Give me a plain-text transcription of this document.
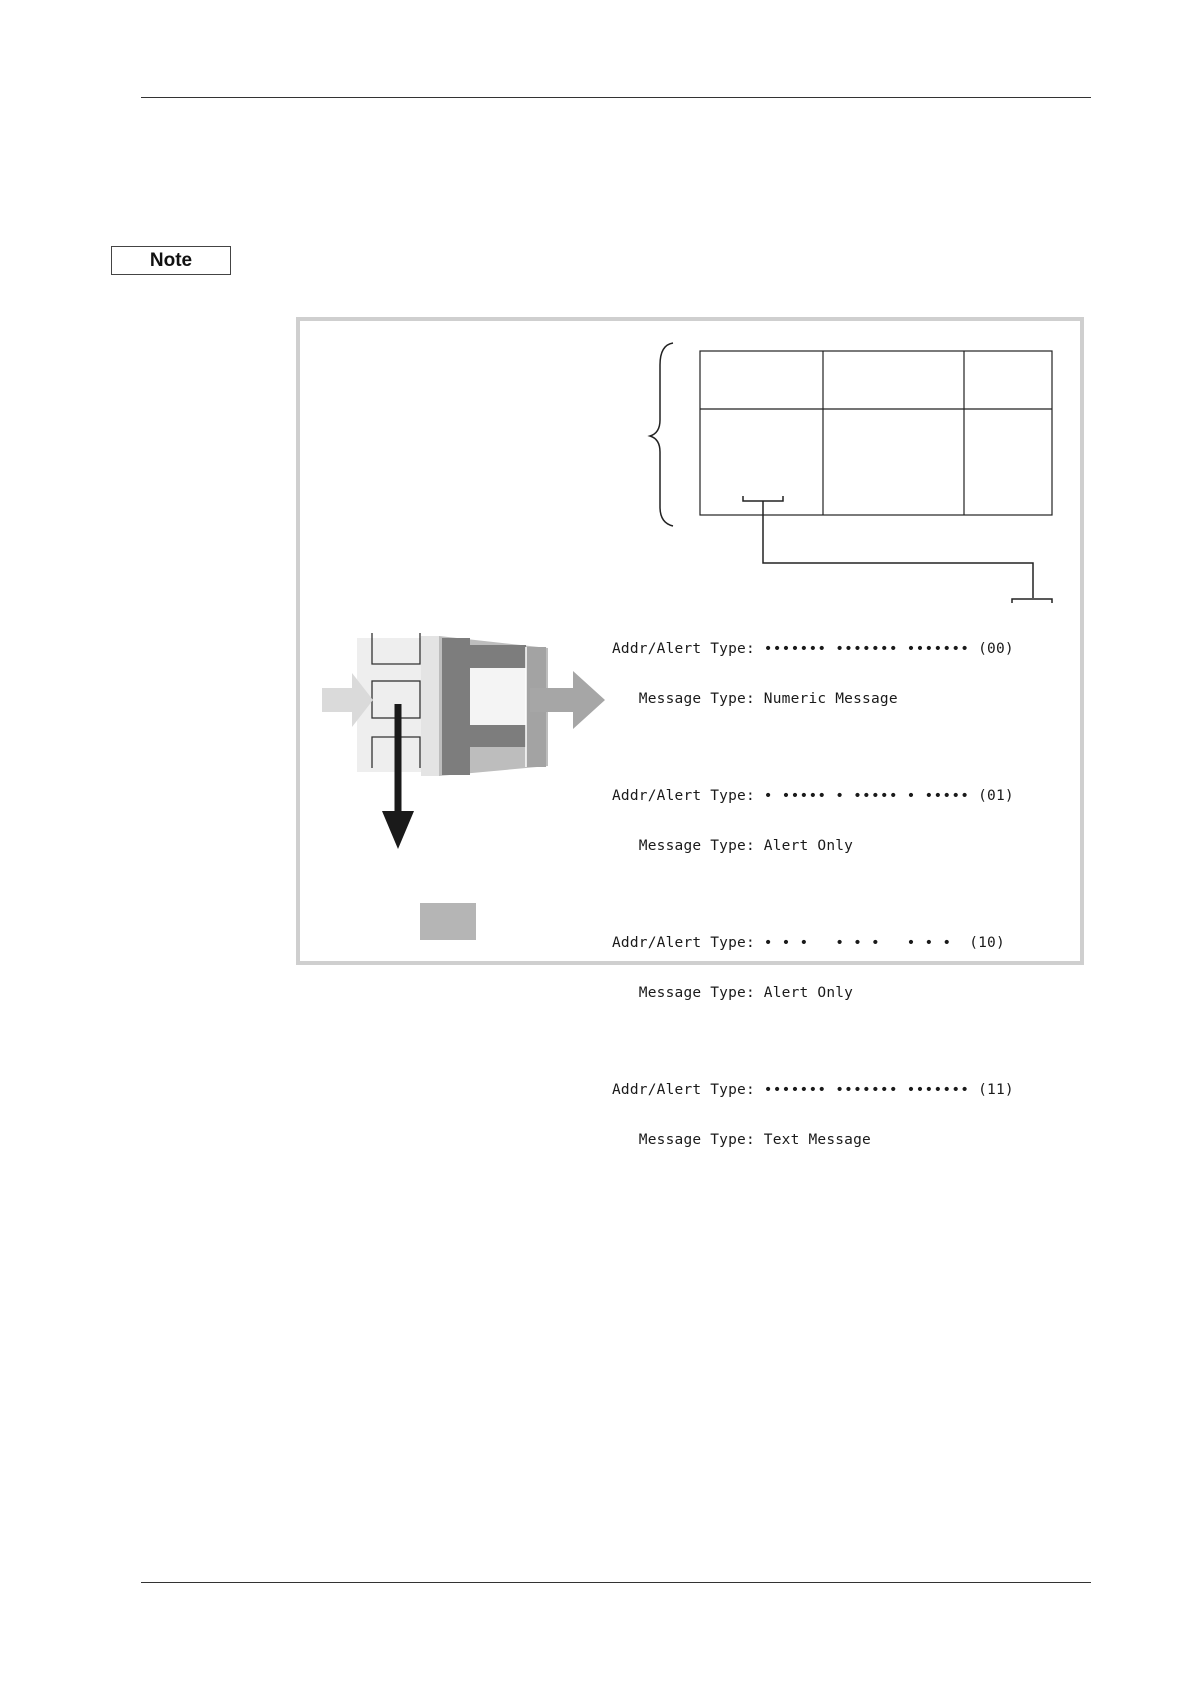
Note

Addr/Alert Type: ••••••• ••••••• ••••••• (00)

Message Type: Numeric Message

Addr/Alert Type: • ••••• • ••••• • ••••• (01)

Message Type: Alert Only

Addr/Alert Type: • • •   • • •   • • •  (10)

Message Type: Alert Only

Addr/Alert Type: ••••••• ••••••• ••••••• (11)

Message Type: Text Message
